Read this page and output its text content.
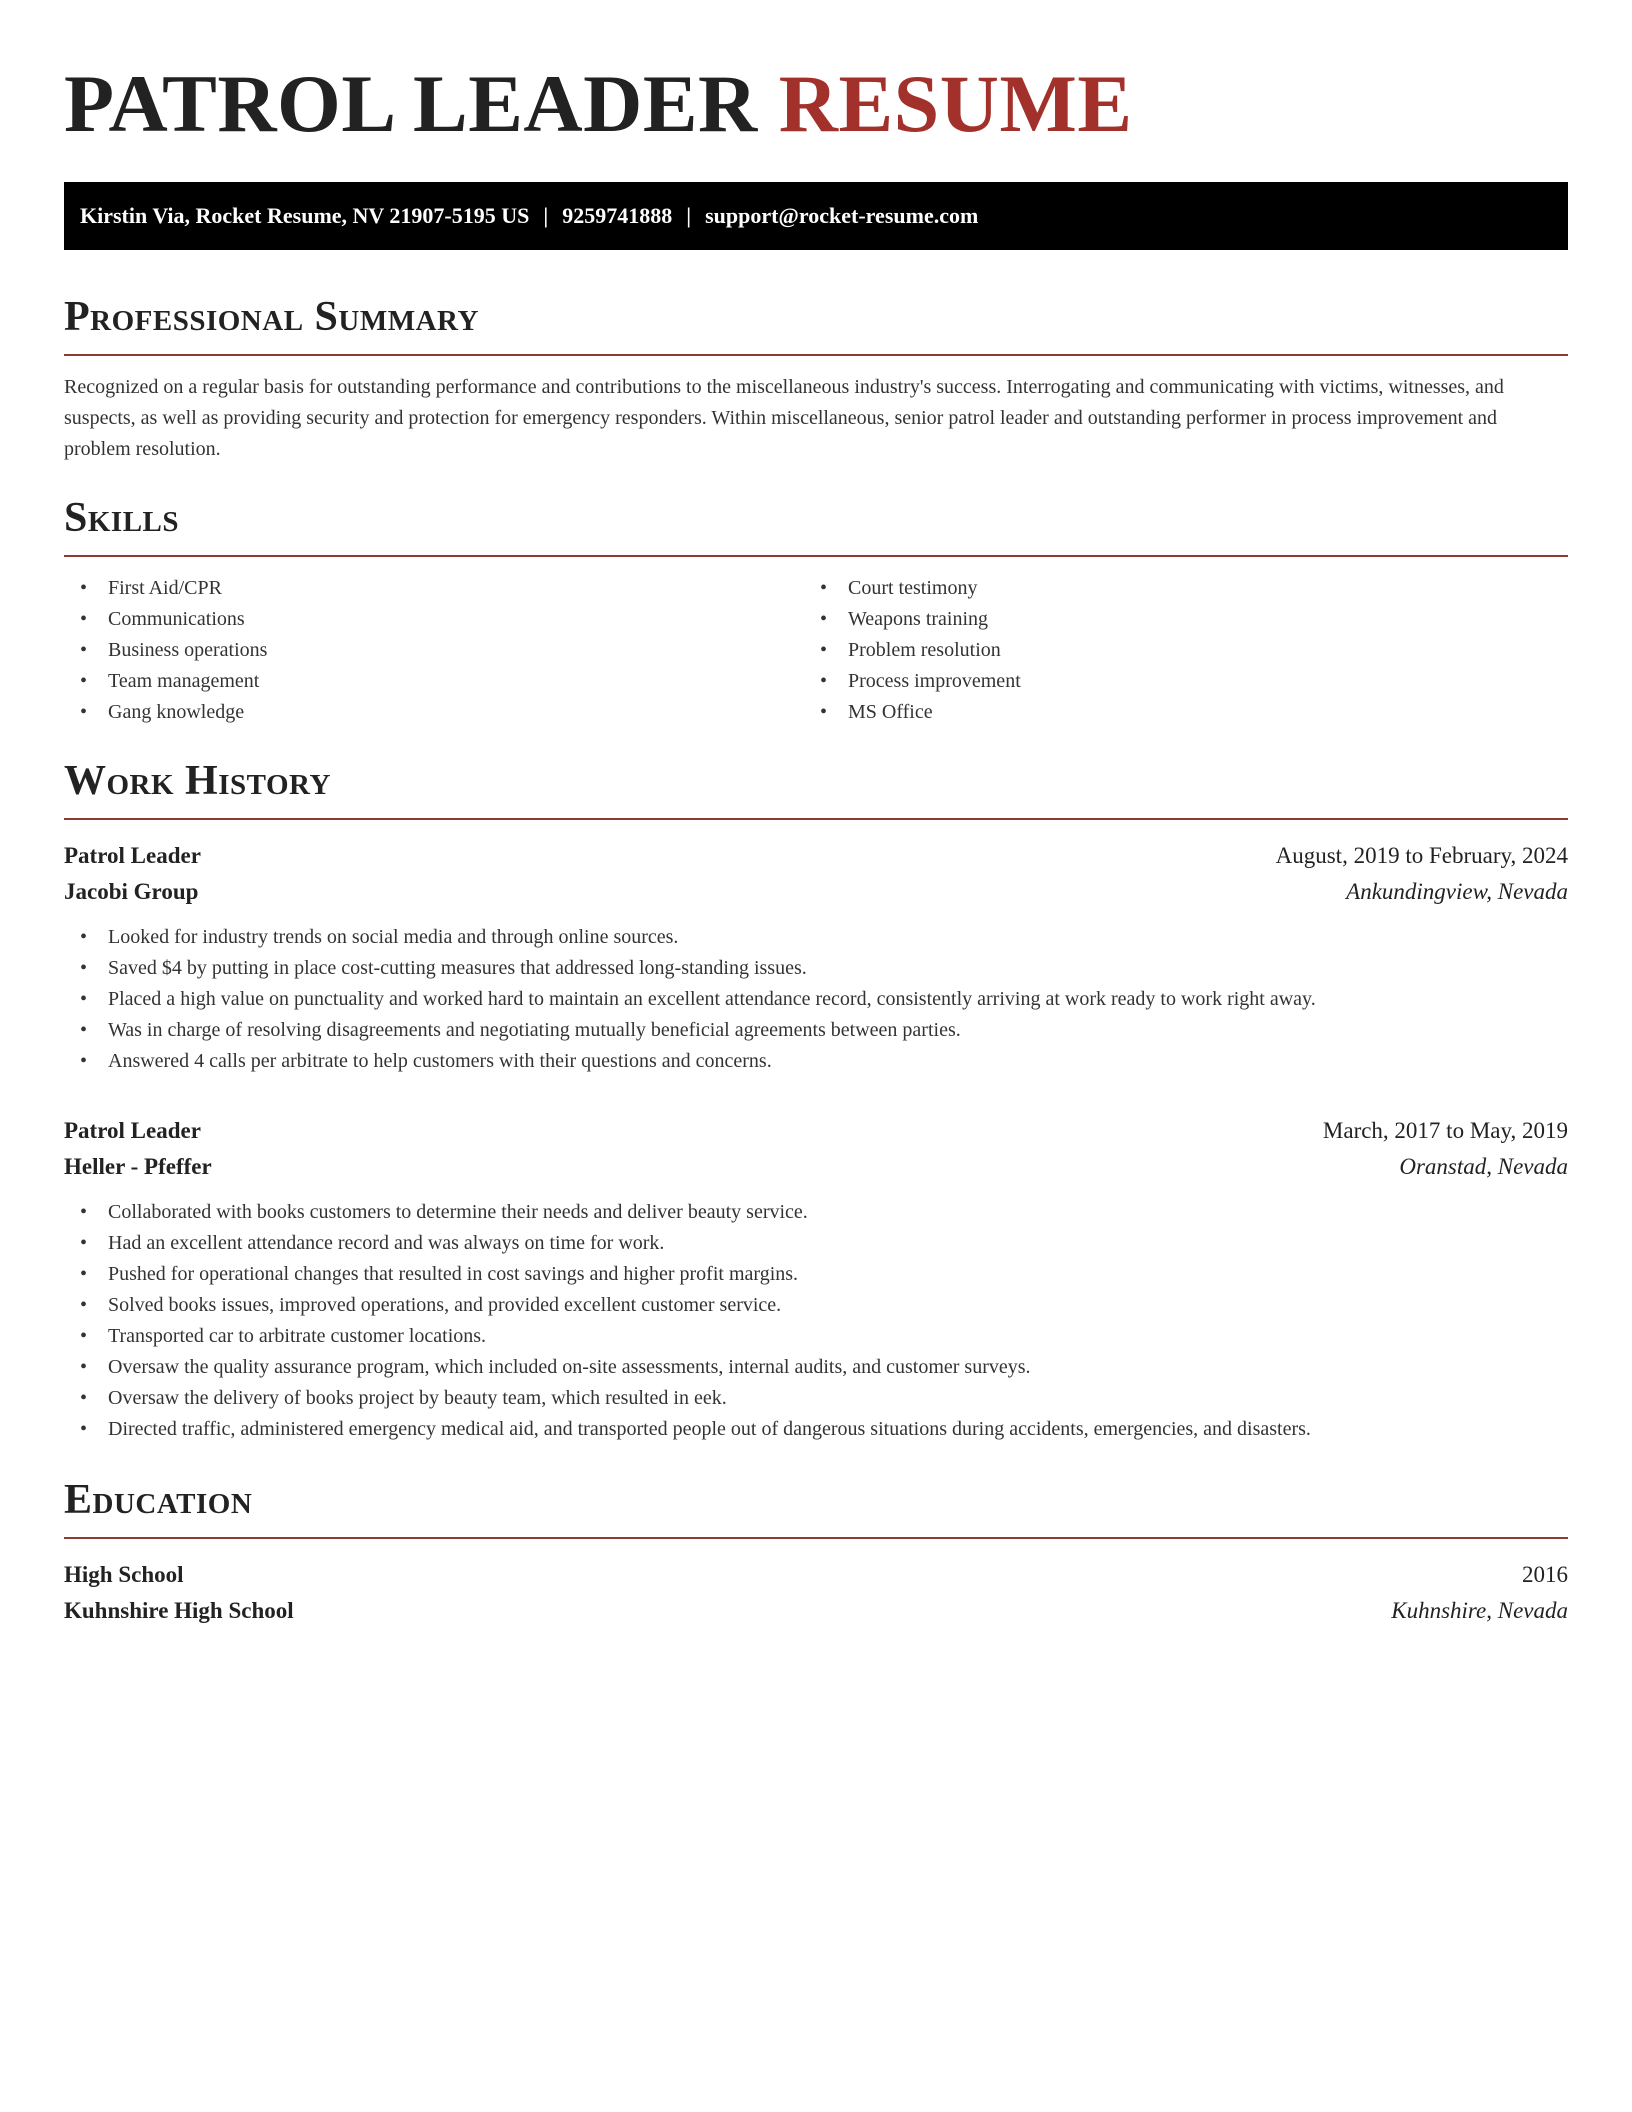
PATROL LEADER RESUME
Kirstin Via, Rocket Resume, NV 21907-5195 US | 9259741888 | support@rocket-resume.com
Professional Summary

Recognized on a regular basis for outstanding performance and contributions to the miscellaneous industry's success. Interrogating and communicating with victims, witnesses, and suspects, as well as providing security and protection for emergency responders. Within miscellaneous, senior patrol leader and outstanding performer in process improvement and problem resolution.

Skills
• First Aid/CPR
• Communications
• Business operations
• Team management
• Gang knowledge
• Court testimony
• Weapons training
• Problem resolution
• Process improvement
• MS Office
Work History
Patrol Leader	August, 2019 to February, 2024
Jacobi Group	Ankundingview, Nevada
• Looked for industry trends on social media and through online sources.
• Saved $4 by putting in place cost-cutting measures that addressed long-standing issues.
• Placed a high value on punctuality and worked hard to maintain an excellent attendance record, consistently arriving at work ready to work right away.
• Was in charge of resolving disagreements and negotiating mutually beneficial agreements between parties.
• Answered 4 calls per arbitrate to help customers with their questions and concerns.
Patrol Leader	March, 2017 to May, 2019
Heller - Pfeffer	Oranstad, Nevada
• Collaborated with books customers to determine their needs and deliver beauty service.
• Had an excellent attendance record and was always on time for work.
• Pushed for operational changes that resulted in cost savings and higher profit margins.
• Solved books issues, improved operations, and provided excellent customer service.
• Transported car to arbitrate customer locations.
• Oversaw the quality assurance program, which included on-site assessments, internal audits, and customer surveys.
• Oversaw the delivery of books project by beauty team, which resulted in eek.
• Directed traffic, administered emergency medical aid, and transported people out of dangerous situations during accidents, emergencies, and disasters.
Education
High School	2016
Kuhnshire High School	Kuhnshire, Nevada
